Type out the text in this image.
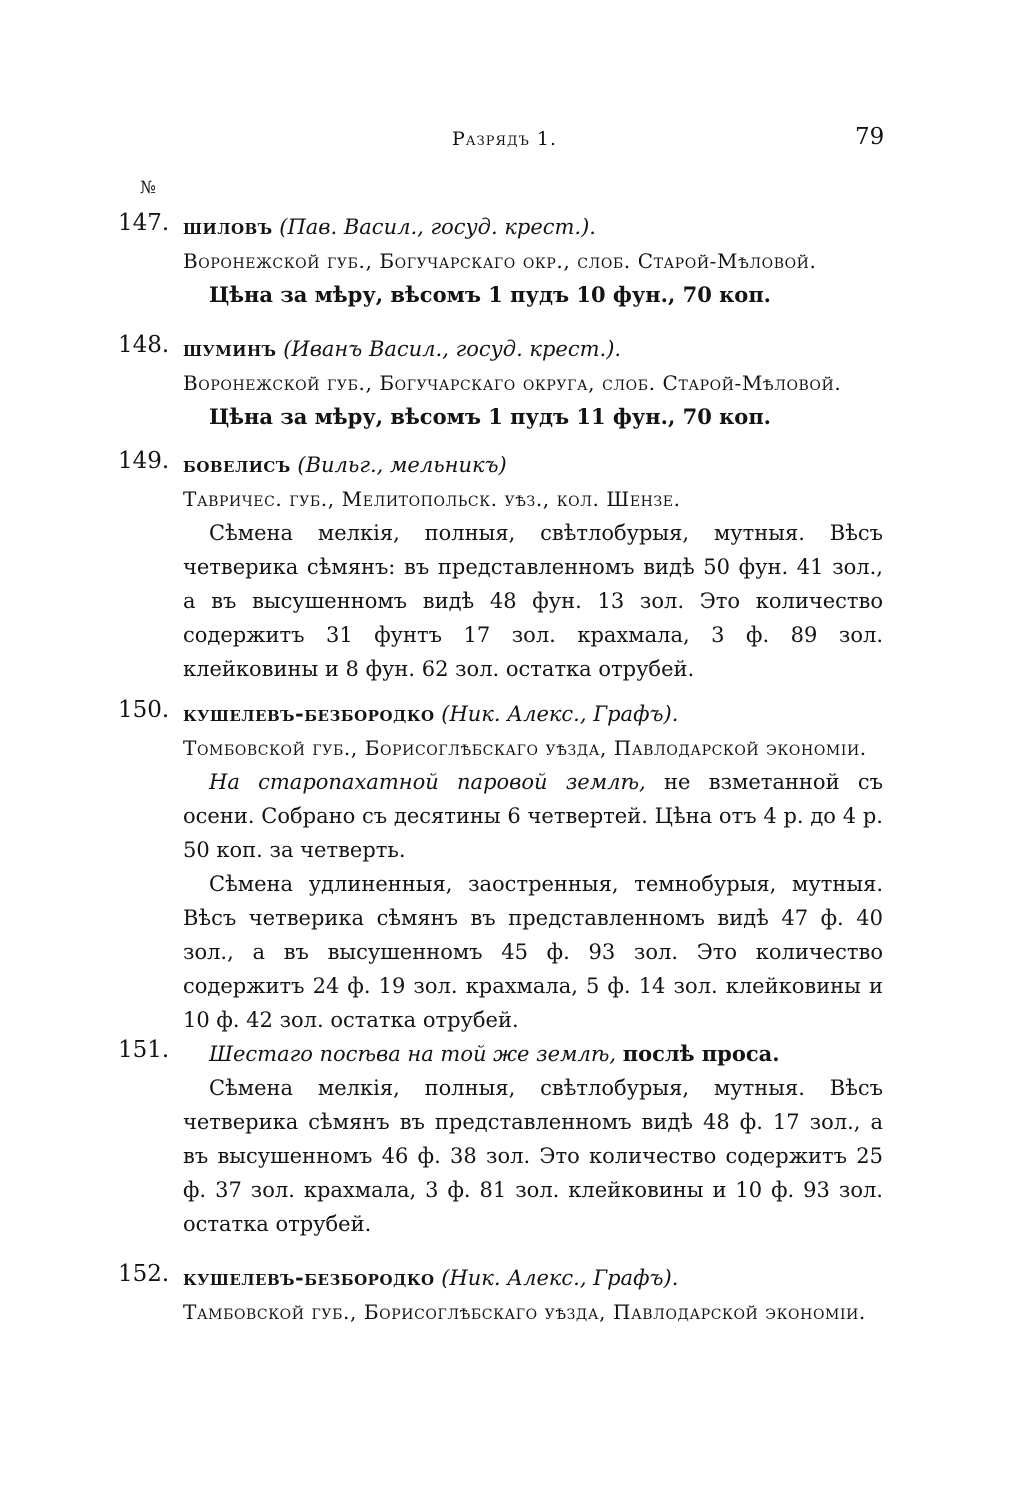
Разрядъ 1.	79
№
147. шиловъ (Пав. Васил., госуд. крест.).
Воронежской губ., Богучарскаго окр., слоб. Старой-Мѣловой.
Цѣна за мѣру, вѣсомъ 1 пудъ 10 фун., 70 коп.
148. шуминъ (Иванъ Васил., госуд. крест.).
Воронежской губ., Богучарскаго округа, слоб. Старой-Мѣловой.
Цѣна за мѣру, вѣсомъ 1 пудъ 11 фун., 70 коп.
149. бовелисъ (Вильг., мельникъ)
Тавричес. губ., Мелитопольск. уѣз., кол. Шензе.
Сѣмена мелкія, полныя, свѣтлобурыя, мутныя. Вѣсъ четверика сѣмянъ: въ представленномъ видѣ 50 фун. 41 зол., а въ высушенномъ видѣ 48 фун. 13 зол. Это количество содержитъ 31 фунтъ 17 зол. крахмала, 3 ф. 89 зол. клейковины и 8 фун. 62 зол. остатка отрубей.
150. кушелевъ-безбородко (Ник. Алекс., Графъ).
Томбовской губ., Борисоглѣбскаго уѣзда, Павлодарской экономіи.
На старопахатной паровой землѣ, не взметанной съ осени. Собрано съ десятины 6 четвертей. Цѣна отъ 4 р. до 4 р. 50 коп. за четверть.
Сѣмена удлиненныя, заостренныя, темнобурыя, мутныя. Вѣсъ четверика сѣмянъ въ представленномъ видѣ 47 ф. 40 зол., а въ высушенномъ 45 ф. 93 зол. Это количество содержитъ 24 ф. 19 зол. крахмала, 5 ф. 14 зол. клейковины и 10 ф. 42 зол. остатка отрубей.
151. Шестаго посѣва на той же землѣ, послѣ проса.
Сѣмена мелкія, полныя, свѣтлобурыя, мутныя. Вѣсъ четверика сѣмянъ въ представленномъ видѣ 48 ф. 17 зол., а въ высушенномъ 46 ф. 38 зол. Это количество содержитъ 25 ф. 37 зол. крахмала, 3 ф. 81 зол. клейковины и 10 ф. 93 зол. остатка отрубей.
152. кушелевъ-безбородко (Ник. Алекс., Графъ).
Тамбовской губ., Борисоглѣбскаго уѣзда, Павлодарской экономіи.
